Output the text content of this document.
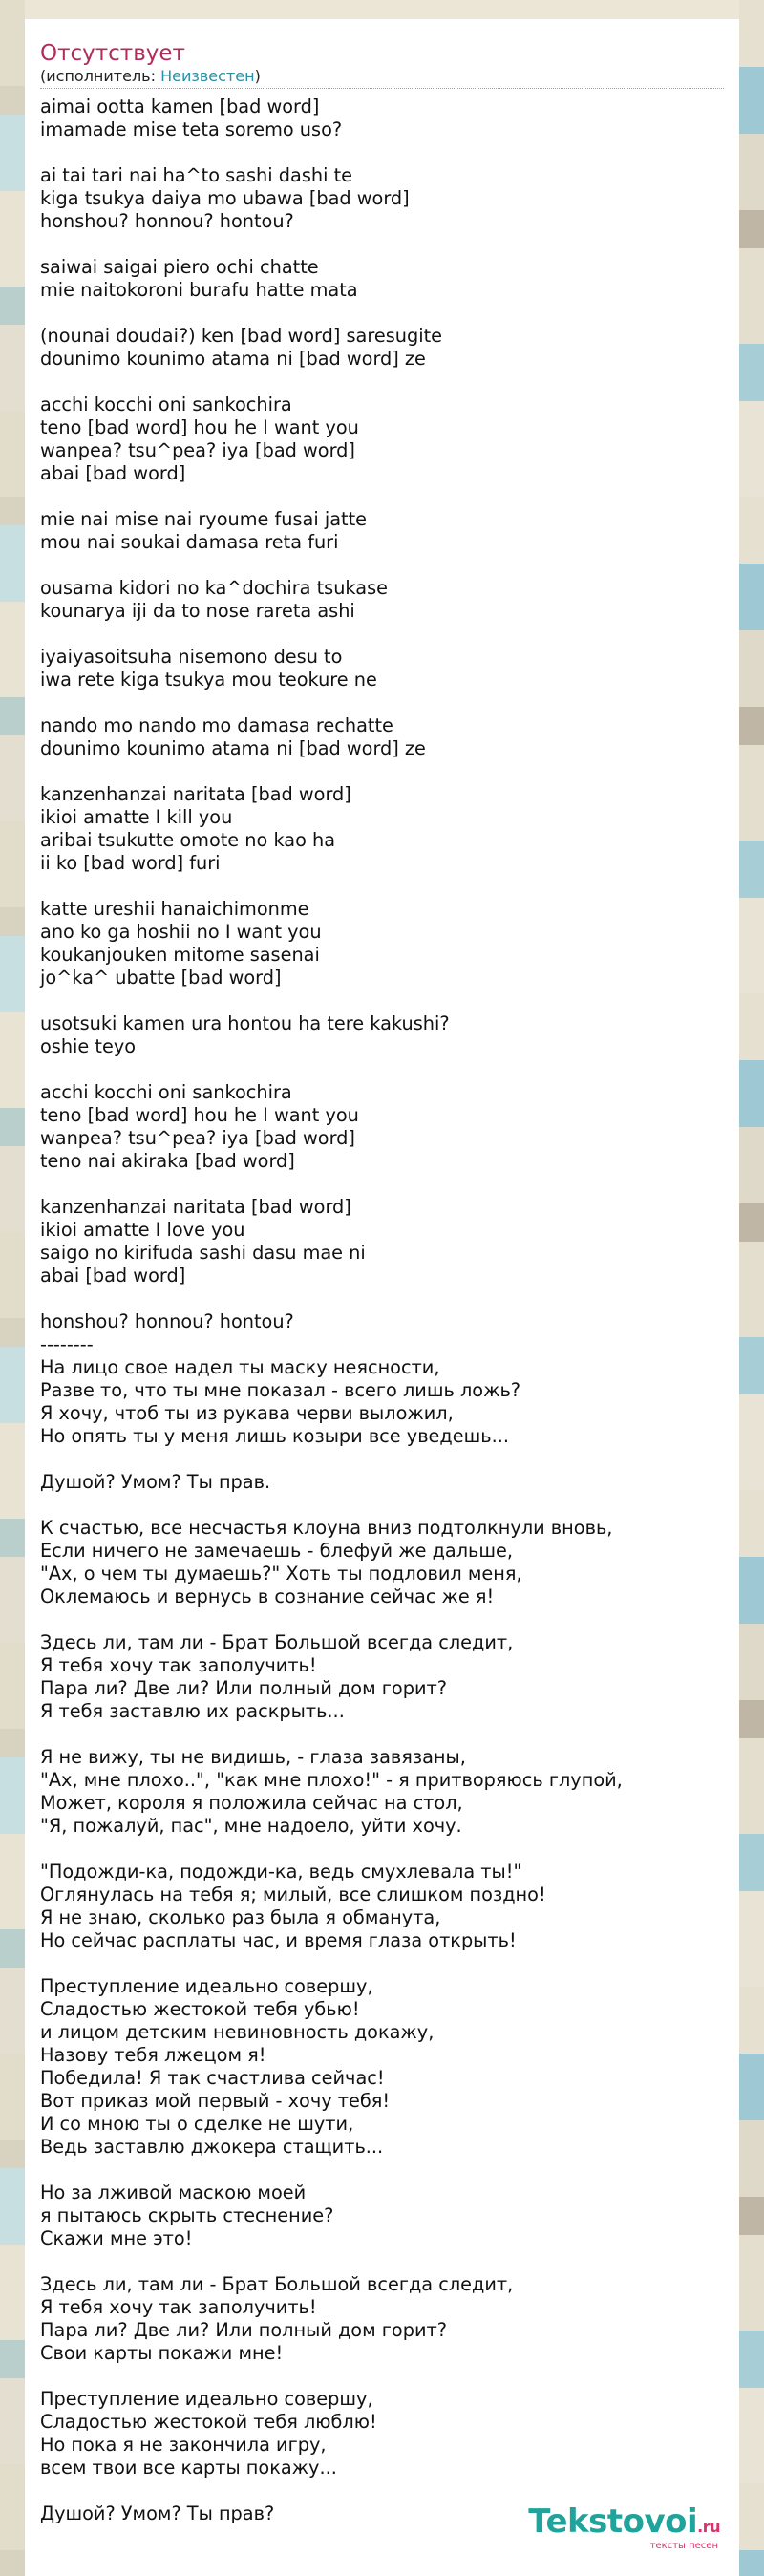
Отсутствует
(исполнитель: Неизвестен)
aimai ootta kamen [bad word]
imamade mise teta soremo uso?

ai tai tari nai ha^to sashi dashi te
kiga tsukya daiya mo ubawa [bad word]
honshou? honnou? hontou?

saiwai saigai piero ochi chatte
mie naitokoroni burafu hatte mata

(nounai doudai?) ken [bad word] saresugite
dounimo kounimo atama ni [bad word] ze

acchi kocchi oni sankochira
teno [bad word] hou he I want you
wanpea? tsu^pea? iya [bad word]
abai [bad word]

mie nai mise nai ryoume fusai jatte
mou nai soukai damasa reta furi

ousama kidori no ka^dochira tsukase
kounarya iji da to nose rareta ashi

iyaiyasoitsuha nisemono desu to
iwa rete kiga tsukya mou teokure ne

nando mo nando mo damasa rechatte
dounimo kounimo atama ni [bad word] ze

kanzenhanzai naritata [bad word]
ikioi amatte I kill you
aribai tsukutte omote no kao ha
ii ko [bad word] furi

katte ureshii hanaichimonme
ano ko ga hoshii no I want you
koukanjouken mitome sasenai
jo^ka^ ubatte [bad word]

usotsuki kamen ura hontou ha tere kakushi?
oshie teyo

acchi kocchi oni sankochira
teno [bad word] hou he I want you
wanpea? tsu^pea? iya [bad word]
teno nai akiraka [bad word]

kanzenhanzai naritata [bad word]
ikioi amatte I love you
saigo no kirifuda sashi dasu mae ni
abai [bad word]

honshou? honnou? hontou?
--------
На лицо свое надел ты маску неясности,
Разве то, что ты мне показал - всего лишь ложь?
Я хочу, чтоб ты из рукава черви выложил,
Но опять ты у меня лишь козыри все уведешь...

Душой? Умом? Ты прав.

К счастью, все несчастья клоуна вниз подтолкнули вновь,
Если ничего не замечаешь - блефуй же дальше,
"Ах, о чем ты думаешь?" Хоть ты подловил меня,
Оклемаюсь и вернусь в сознание сейчас же я!

Здесь ли, там ли - Брат Большой всегда следит,
Я тебя хочу так заполучить!
Пара ли? Две ли? Или полный дом горит?
Я тебя заставлю их раскрыть...

Я не вижу, ты не видишь, - глаза завязаны,
"Ах, мне плохо..", "как мне плохо!" - я притворяюсь глупой,
Может, короля я положила сейчас на стол,
"Я, пожалуй, пас", мне надоело, уйти хочу.

"Подожди-ка, подожди-ка, ведь смухлевала ты!"
Оглянулась на тебя я; милый, все слишком поздно!
Я не знаю, сколько раз была я обманута,
Но сейчас расплаты час, и время глаза открыть!

Преступление идеально совершу,
Сладостью жестокой тебя убью!
и лицом детским невиновность докажу,
Назову тебя лжецом я!
Победила! Я так счастлива сейчас!
Вот приказ мой первый - хочу тебя!
И со мною ты о сделке не шути,
Ведь заставлю джокера стащить...

Но за лживой маскою моей
я пытаюсь скрыть стеснение?
Скажи мне это!

Здесь ли, там ли - Брат Большой всегда следит,
Я тебя хочу так заполучить!
Пара ли? Две ли? Или полный дом горит?
Свои карты покажи мне!

Преступление идеально совершу,
Сладостью жестокой тебя люблю!
Но пока я не закончила игру,
всем твои все карты покажу...

Душой? Умом? Ты прав?	Tekstovoi.ru
тексты песен
